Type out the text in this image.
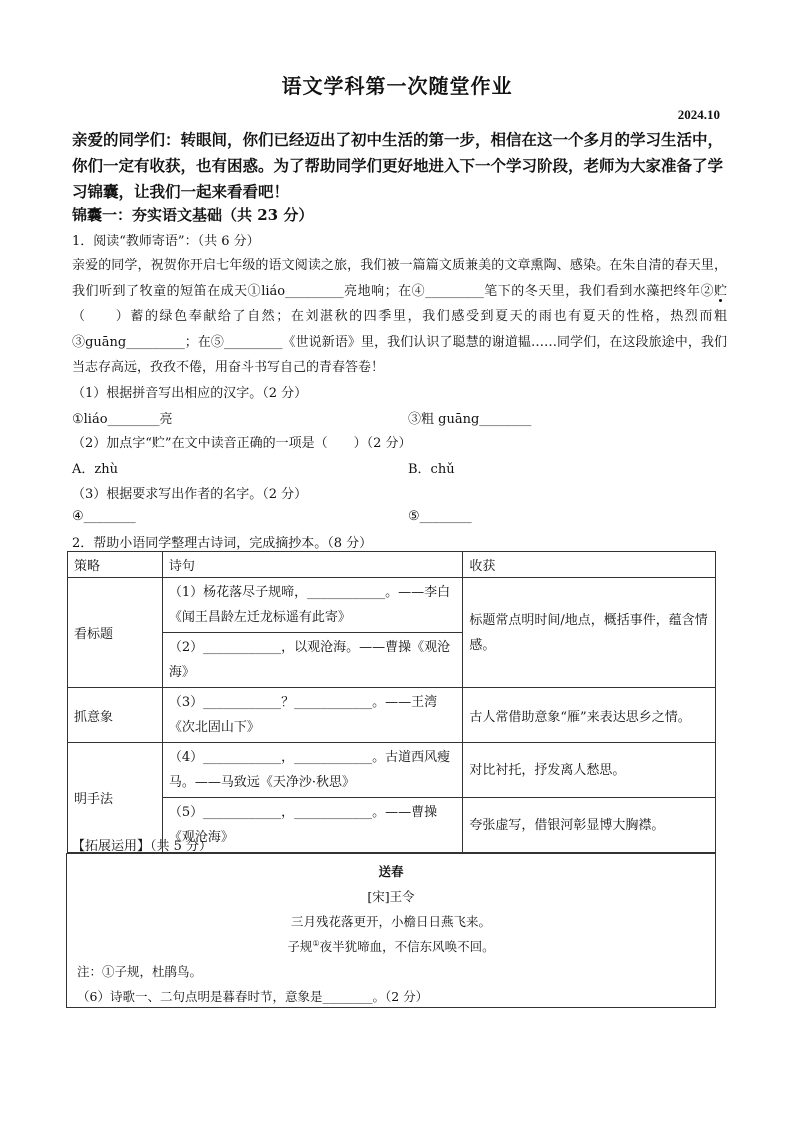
语文学科第一次随堂作业
2024.10
亲爱的同学们：转眼间，你们已经迈出了初中生活的第一步，相信在这一个多月的学习生活中，你们一定有收获，也有困惑。为了帮助同学们更好地进入下一个学习阶段，老师为大家准备了学习锦囊，让我们一起来看看吧！
锦囊一：夯实语文基础（共 23 分）
1．阅读“教师寄语”：（共 6 分）
亲爱的同学，祝贺你开启七年级的语文阅读之旅，我们被一篇篇文质兼美的文章熏陶、感染。在朱自清的春天里，我们听到了牧童的短笛在成天①liáo_________亮地响；在④_________笔下的冬天里，我们看到水藻把终年②贮（　　）蓄的绿色奉献给了自然；在刘湛秋的四季里，我们感受到夏天的雨也有夏天的性格，热烈而粗③guāng_________；在⑤_________《世说新语》里，我们认识了聪慧的谢道韫……同学们，在这段旅途中，我们当志存高远，孜孜不倦，用奋斗书写自己的青春答卷！
（1）根据拼音写出相应的汉字。（2 分）
①liáo________亮	③粗 guāng________
（2）加点字“贮”在文中读音正确的一项是（　　）（2 分）
A．zhù	B．chǔ
（3）根据要求写出作者的名字。（2 分）
④________	⑤________
2．帮助小语同学整理古诗词，完成摘抄本。（8 分）
策略	诗句	收获
看标题	（1）杨花落尽子规啼，____________。——李白《闻王昌龄左迁龙标遥有此寄》	标题常点明时间/地点，概括事件，蕴含情感。
	（2）____________，以观沧海。——曹操《观沧海》	
抓意象	（3）____________？____________。——王湾《次北固山下》	古人常借助意象“雁”来表达思乡之情。
明手法	（4）____________，____________。古道西风瘦马。——马致远《天净沙·秋思》	对比衬托，抒发离人愁思。
	（5）____________，____________。——曹操《观沧海》	夸张虚写，借银河彰显博大胸襟。
【拓展运用】（共 5 分）
送春
[宋]王令
三月残花落更开，小檐日日燕飞来。
子规①夜半犹啼血，不信东风唤不回。
注：①子规，杜鹃鸟。
（6）诗歌一、二句点明是暮春时节，意象是________。（2 分）
